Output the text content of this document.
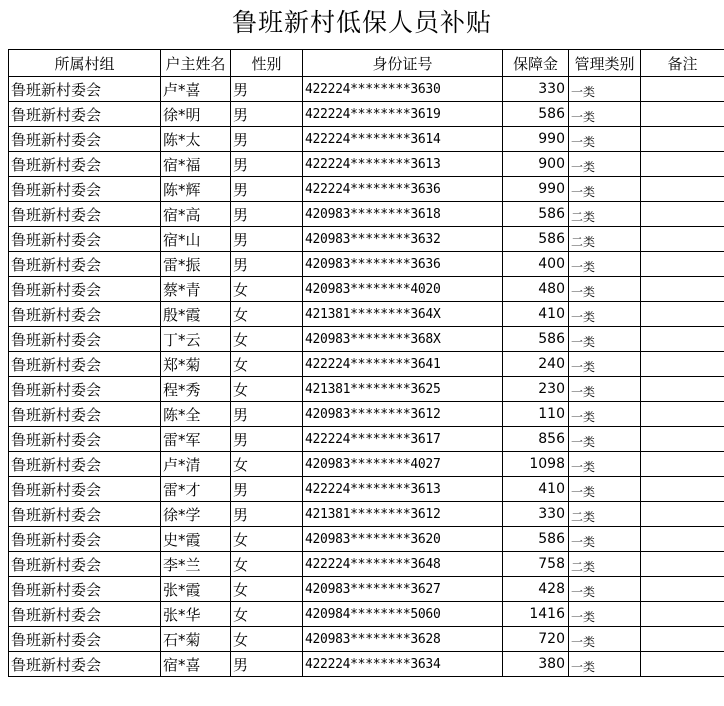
鲁班新村低保人员补贴
所属村组	户主姓名	性别	身份证号	保障金	管理类别	备注
鲁班新村委会	卢*喜	男	422224********3630	330	一类	
鲁班新村委会	徐*明	男	422224********3619	586	一类	
鲁班新村委会	陈*太	男	422224********3614	990	一类	
鲁班新村委会	宿*福	男	422224********3613	900	一类	
鲁班新村委会	陈*辉	男	422224********3636	990	一类	
鲁班新村委会	宿*高	男	420983********3618	586	二类	
鲁班新村委会	宿*山	男	420983********3632	586	二类	
鲁班新村委会	雷*振	男	420983********3636	400	一类	
鲁班新村委会	蔡*青	女	420983********4020	480	一类	
鲁班新村委会	殷*霞	女	421381********364X	410	一类	
鲁班新村委会	丁*云	女	420983********368X	586	一类	
鲁班新村委会	郑*菊	女	422224********3641	240	一类	
鲁班新村委会	程*秀	女	421381********3625	230	一类	
鲁班新村委会	陈*全	男	420983********3612	110	一类	
鲁班新村委会	雷*军	男	422224********3617	856	一类	
鲁班新村委会	卢*清	女	420983********4027	1098	一类	
鲁班新村委会	雷*才	男	422224********3613	410	一类	
鲁班新村委会	徐*学	男	421381********3612	330	二类	
鲁班新村委会	史*霞	女	420983********3620	586	一类	
鲁班新村委会	李*兰	女	422224********3648	758	二类	
鲁班新村委会	张*霞	女	420983********3627	428	一类	
鲁班新村委会	张*华	女	420984********5060	1416	一类	
鲁班新村委会	石*菊	女	420983********3628	720	一类	
鲁班新村委会	宿*喜	男	422224********3634	380	一类	
